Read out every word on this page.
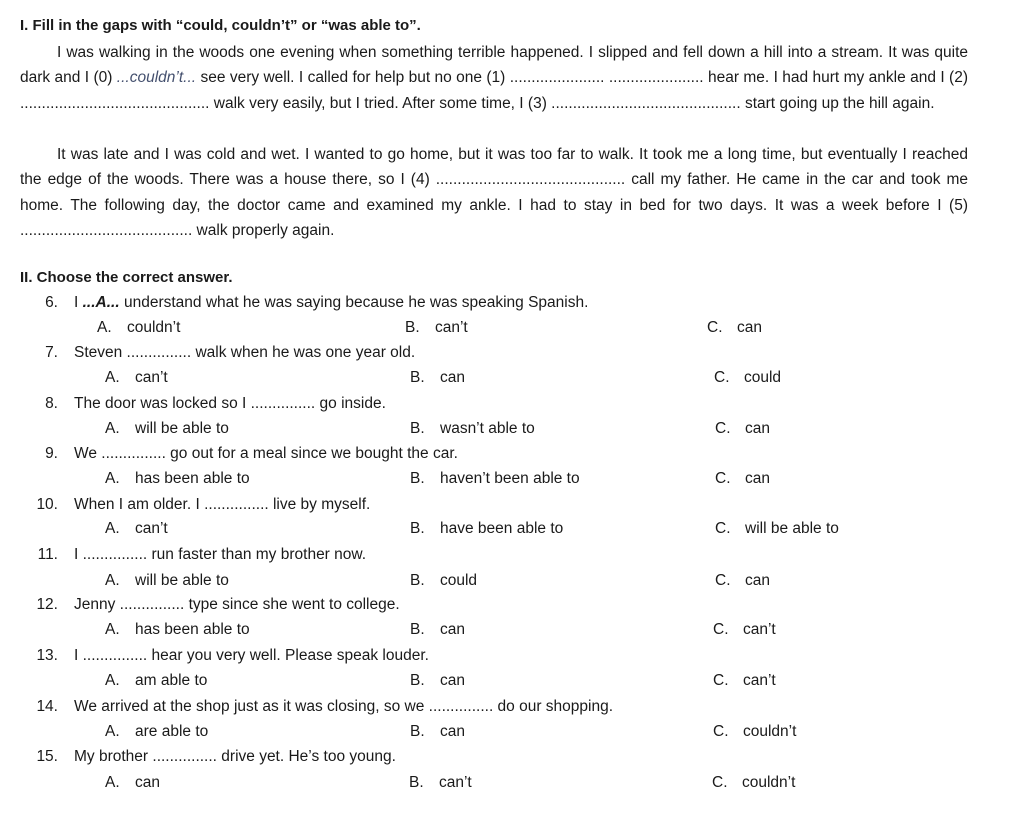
I. Fill in the gaps with “could, couldn’t” or “was able to”.

I was walking in the woods one evening when something terrible happened. I slipped and fell down a hill into a stream. It was quite dark and I (0) ...couldn’t... see very well. I called for help but no one (1) ...................... ...................... hear me. I had hurt my ankle and I (2) ............................................ walk very easily, but I tried. After some time, I (3) ............................................ start going up the hill again.

It was late and I was cold and wet. I wanted to go home, but it was too far to walk. It took me a long time, but eventually I reached the edge of the woods. There was a house there, so I (4) ............................................ call my father. He came in the car and took me home. The following day, the doctor came and examined my ankle. I had to stay in bed for two days. It was a week before I (5) ........................................ walk properly again.

II. Choose the correct answer.
6. I ...A... understand what he was saying because he was speaking Spanish.
A. couldn’t	B. can’t	C. can
7. Steven ............... walk when he was one year old.
A. can’t	B. can	C. could
8. The door was locked so I ............... go inside.
A. will be able to	B. wasn’t able to	C. can
9. We ............... go out for a meal since we bought the car.
A. has been able to	B. haven’t been able to	C. can
10. When I am older. I ............... live by myself.
A. can’t	B. have been able to	C. will be able to
11. I ............... run faster than my brother now.
A. will be able to	B. could	C. can
12. Jenny ............... type since she went to college.
A. has been able to	B. can	C. can’t
13. I ............... hear you very well. Please speak louder.
A. am able to	B. can	C. can’t
14. We arrived at the shop just as it was closing, so we ............... do our shopping.
A. are able to	B. can	C. couldn’t
15. My brother ............... drive yet. He’s too young.
A. can	B. can’t	C. couldn’t
